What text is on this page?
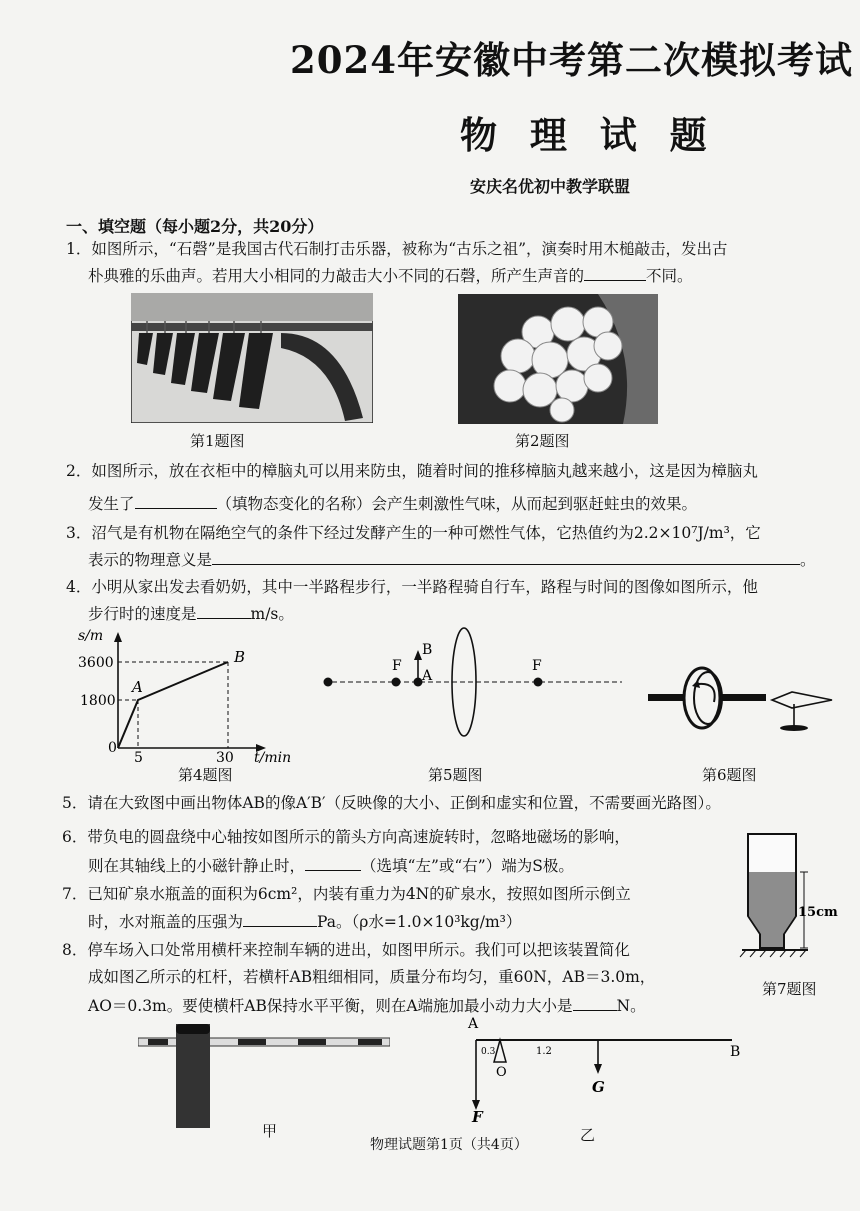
2024年安徽中考第二次模拟考试
物 理 试 题
安庆名优初中教学联盟
一、填空题（每小题2分，共20分）
1．如图所示，“石磬”是我国古代石制打击乐器，被称为“古乐之祖”，演奏时用木槌敲击，发出古
朴典雅的乐曲声。若用大小相同的力敲击大小不同的石磬，所产生声音的	不同。
第1题图	第2题图
2．如图所示，放在衣柜中的樟脑丸可以用来防虫，随着时间的推移樟脑丸越来越小，这是因为樟脑丸
发生了	（填物态变化的名称）会产生刺激性气味，从而起到驱赶蛀虫的效果。
3．沼气是有机物在隔绝空气的条件下经过发酵产生的一种可燃性气体，它热值约为2.2×10⁷J/m³，它
表示的物理意义是	。
4．小明从家出发去看奶奶，其中一半路程步行，一半路程骑自行车，路程与时间的图像如图所示，他
步行时的速度是	m/s。
s/m
3600
1800
0
5	30 t/min
A
B
第4题图
F	F
B
A
第5题图	第6题图
5．请在大致图中画出物体AB的像A′B′（反映像的大小、正倒和虚实和位置，不需要画光路图）。
6．带负电的圆盘绕中心轴按如图所示的箭头方向高速旋转时，忽略地磁场的影响，
则在其轴线上的小磁针静止时，	（选填“左”或“右”）端为S极。
7．已知矿泉水瓶盖的面积为6cm²，内装有重力为4N的矿泉水，按照如图所示倒立
时，水对瓶盖的压强为	Pa。（ρ水=1.0×10³kg/m³）
15cm
第7题图
8．停车场入口处常用横杆来控制车辆的进出，如图甲所示。我们可以把该装置简化
成如图乙所示的杠杆，若横杆AB粗细相同，质量分布均匀，重60N，AB＝3.0m，
AO＝0.3m。要使横杆AB保持水平平衡，则在A端施加最小动力大小是	N。
甲
A
B
O
G
F
0.3	1.2
乙
物理试题第1页（共4页）
